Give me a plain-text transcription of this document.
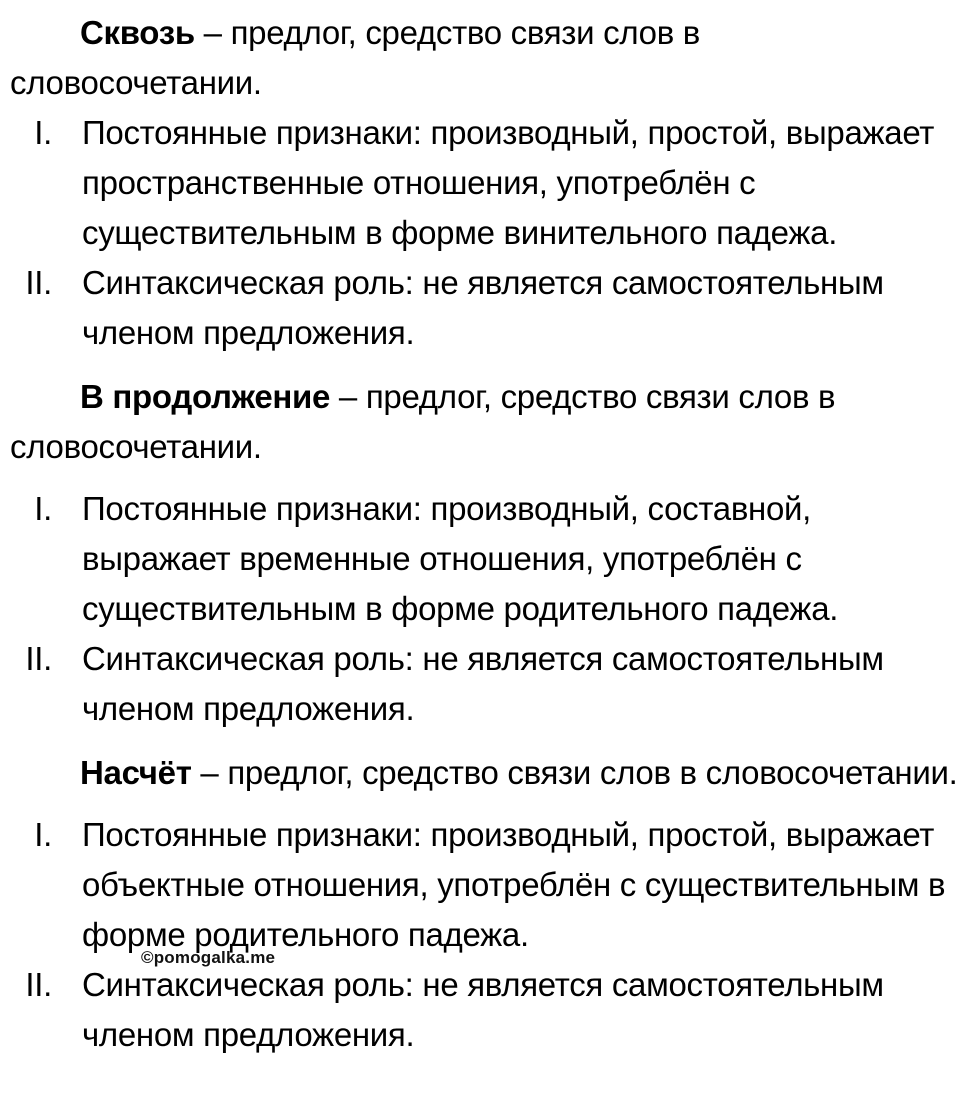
Сквозь – предлог, средство связи слов в словосочетании.

I. Постоянные признаки: производный, простой, выражает пространственные отношения, употреблён с существительным в форме винительного падежа.
II. Синтаксическая роль: не является самостоятельным членом предложения.

В продолжение – предлог, средство связи слов в словосочетании.

I. Постоянные признаки: производный, составной, выражает временные отношения, употреблён с существительным в форме родительного падежа.
II. Синтаксическая роль: не является самостоятельным членом предложения.

Насчёт – предлог, средство связи слов в словосочетании.

I. Постоянные признаки: производный, простой, выражает объектные отношения, употреблён с существительным в форме родительного падежа.
II. Синтаксическая роль: не является самостоятельным членом предложения.
©pomogalka.me
